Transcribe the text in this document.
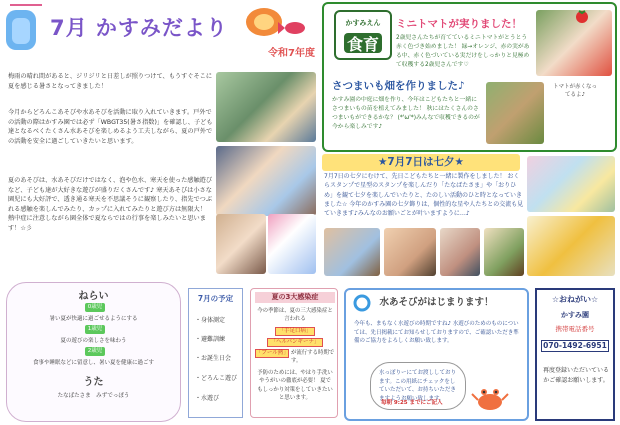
7月 かすみだより
令和7年度
梅雨の晴れ間があると、ジリジリと日差しが照りつけて、もうすぐそこに夏を感じる暑さとなってきました！
今月からどろんこあそびや水あそびを活動に取り入れていきます。戸外での活動の際はかすみ園では必ず「WBGT35(暑さ指数)」を確認し、子ども達となるべくたくさん水あそびを楽しめるよう工夫しながら、夏の戸外での活動を安全に過ごしていきたいと思います。
夏のあそびは、水あそびだけではなく、泡や色水、寒天を使った感触遊びなど、子ども達が大好きな遊びが盛りだくさんです♪ 寒天あそびは小さな園児にも大好評で、透き通る寒天を不思議そうに観察したり、指先でつぶれる感触を楽しんでみたり、カップに入れてみたりと遊び方は無限大！ 熱中症に注意しながら園全体で夏ならではの行事を楽しみたいと思います！☆彡
かすみえん
食育
ミニトマトが実りました！
2歳児さんたちが育てているミニトマトがとうとう赤く色づき始めました！ 緑→オレンジ、赤の実がある中、赤く色づいている実だけをしっかりと見極めて収穫する2歳児さんです♡
トマトが赤くなってるよ♪
さつまいも畑を作りました♪
かすみ園の中庭に畑を作り、今年はこどもたちと一緒にさつまいもの苗を植えてみました！ 秋にはたくさんのさつまいもができるかな？ (*'ω'*)みんなで収穫できるのが今から楽しみです♪
★7月7日は七夕★
7月7日の七夕にむけて、先日こどもたちと一緒に製作をしました！ おくらスタンプで星型のスタンプを楽しんだり「たなばたさま」や「おりひめ」を観て七夕を楽しんでいたりと、たのしい活動のひと時となっていきました☆ 今年のかすみ園の七夕飾りは、個性的な星や人たちとの交流も見ていきます♪みんなのお願いごとが叶いますように…♪
ねらい
0歳児
暑い夏が快適に過ごせるようにする
1歳児
夏の遊びの楽しさを味わう
2歳児
食事や睡眠などに留意し、暑い夏を健康に過ごす
うた
たなばたさま　みずでっぽう
7月の予定
・身体測定
・避難訓練
・お誕生日会
・どろんこ遊び
・水遊び
夏の3大感染症
今の季節は、夏の三大感染症と言われる
「手足口病」
「ヘルパンギーナ」
「プール熱」 が流行する時期です。
予防のためには、やはり手洗いやうがいの徹底が必要！ 夏でもしっかり対策をしていきたいと思います。
水あそびがはじまります！
今年も、まもなく水遊びの時期ですね♪ 水遊びのためのものについては、先日掲載にてお知らせしておりますので、ご確認いただき準備のご協力をよろしくお願い致します。
水っぽりーにてお渡ししております。この用紙にチェックをしていただいて、お持ちいただきますようお願い致します。
毎朝 9:25 までにご記入
☆おねがい☆
かすみ園
携帯電話番号
070-1492-6951
再度登録いただいているかご確認お願いします。
